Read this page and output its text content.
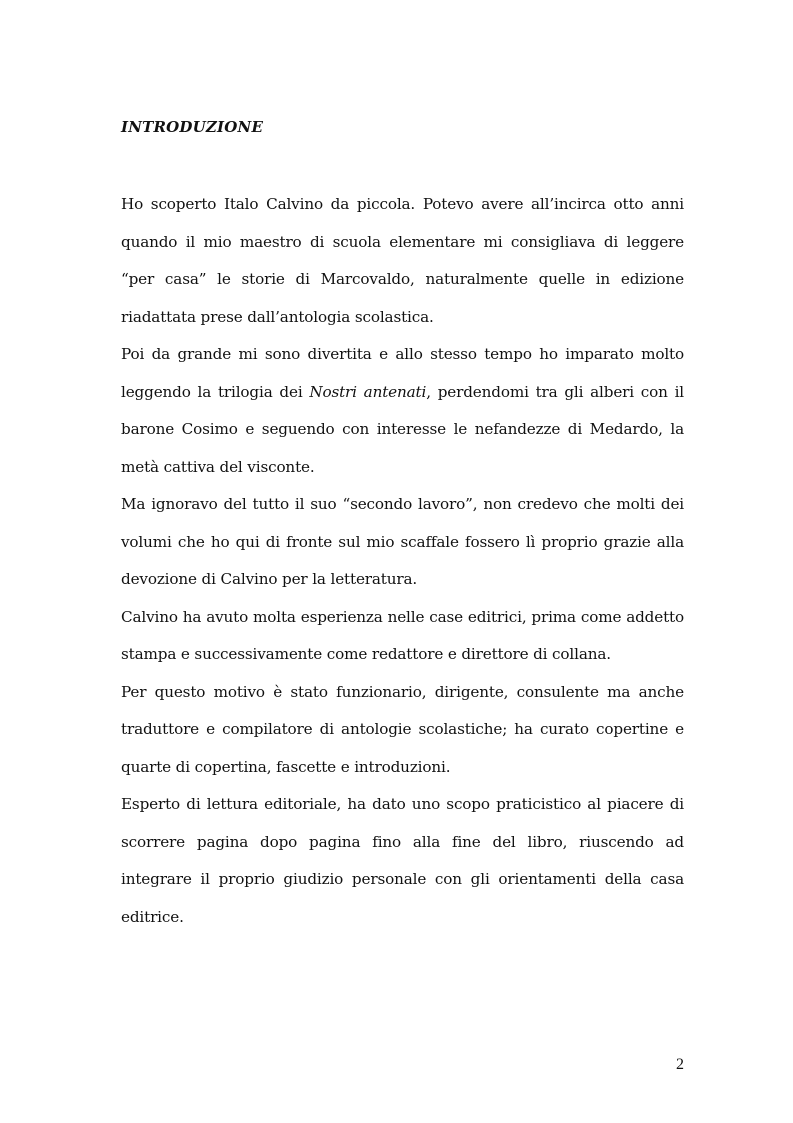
INTRODUZIONE

Ho scoperto Italo Calvino da piccola. Potevo avere all’incirca otto anni quando il mio maestro di scuola elementare mi consigliava di leggere “per casa” le storie di Marcovaldo, naturalmente quelle in edizione riadattata prese dall’antologia scolastica.

Poi da grande mi sono divertita e allo stesso tempo ho imparato molto leggendo la trilogia dei Nostri antenati, perdendomi tra gli alberi con il barone Cosimo e seguendo con interesse le nefandezze di Medardo, la metà cattiva del visconte.

Ma ignoravo del tutto il suo “secondo lavoro”, non credevo che molti dei volumi che ho qui di fronte sul mio scaffale fossero lì proprio grazie alla devozione di Calvino per la letteratura.

Calvino ha avuto molta esperienza nelle case editrici, prima come addetto stampa e successivamente come redattore e direttore di collana.

Per questo motivo è stato funzionario, dirigente, consulente ma anche traduttore e compilatore di antologie scolastiche; ha curato copertine e quarte di copertina, fascette e introduzioni.

Esperto di lettura editoriale, ha dato uno scopo praticistico al piacere di scorrere pagina dopo pagina fino alla fine del libro, riuscendo ad integrare il proprio giudizio personale con gli orientamenti della casa editrice.

2
